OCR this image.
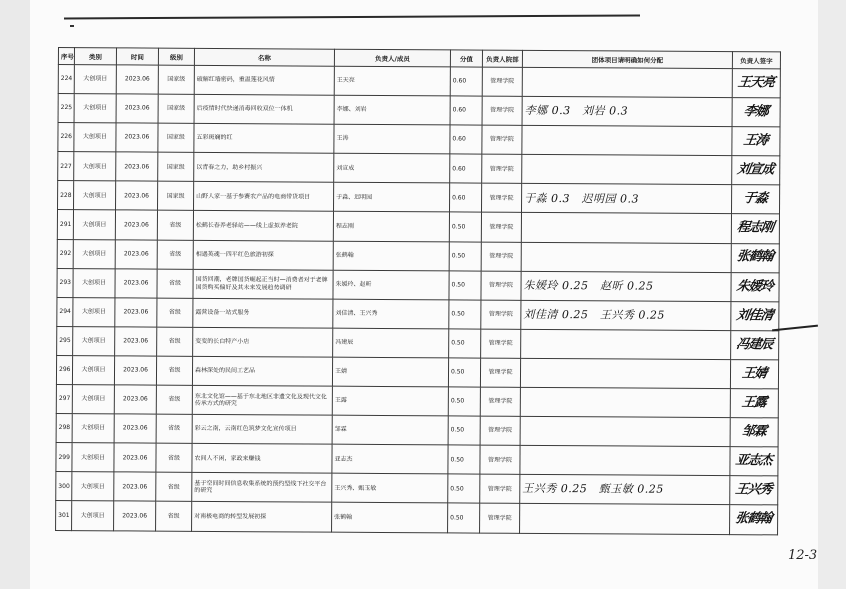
序号	类别	时间	级别	名称	负责人/成员	分值	负责人院部	团体项目请明确如何分配	负责人签字
224	大创项目	2023.06	国家级	破解红墙密码，重温莲花风情	王天亮	0.60	管理学院		王天亮
225	大创项目	2023.06	国家级	后疫情时代快递消毒回收双位一体机	李娜、刘岩	0.60	管理学院	李娜 0.3　刘岩 0.3	李娜
226	大创项目	2023.06	国家级	五彩斑斓的红	王涛	0.60	管理学院		王涛
227	大创项目	2023.06	国家级	以青春之力，助乡村振兴	刘宣成	0.60	管理学院		刘宣成
228	大创项目	2023.06	国家级	山野人家一基于参赛农产品的电商带货项目	于淼、迟明园	0.60	管理学院	于淼 0.3　迟明园 0.3	于淼
291	大创项目	2023.06	省级	松鹤长春养老驿站——线上虚拟养老院	程志刚	0.50	管理学院		程志刚
292	大创项目	2023.06	省级	相遇英魂一四平红色旅游初探	张鹤翰	0.50	管理学院		张鹤翰
293	大创项目	2023.06	省级	国货回潮，老牌国货崛起正当时—消费者对于老牌国货购买偏好及其未来发展趋势调研	朱媛玲、赵昕	0.50	管理学院	朱媛玲 0.25　赵昕 0.25	朱媛玲
294	大创项目	2023.06	省级	露营设备一站式服务	刘佳清、王兴秀	0.50	管理学院	刘佳清 0.25　王兴秀 0.25	刘佳清
295	大创项目	2023.06	省级	变变的长白特产小店	冯建辰	0.50	管理学院		冯建辰
296	大创项目	2023.06	省级	森林深处的民间工艺品	王婧	0.50	管理学院		王婧
297	大创项目	2023.06	省级	东北文化馆——基于东北地区非遗文化及现代文化传承方式的研究	王露	0.50	管理学院		王露
298	大创项目	2023.06	省级	彩云之南，云南红色筑梦文化宣传项目	邹霖	0.50	管理学院		邹霖
299	大创项目	2023.06	省级	农间人不闲，家政来赚钱	亚志杰	0.50	管理学院		亚志杰
300	大创项目	2023.06	省级	基于空间时间信息收集系统的预约型线下社交平台的研究	王兴秀、甄玉敏	0.50	管理学院	王兴秀 0.25　甄玉敏 0.25	王兴秀
301	大创项目	2023.06	省级	对南极电商的转型发展初探	张鹤翰	0.50	管理学院		张鹤翰
12-3
